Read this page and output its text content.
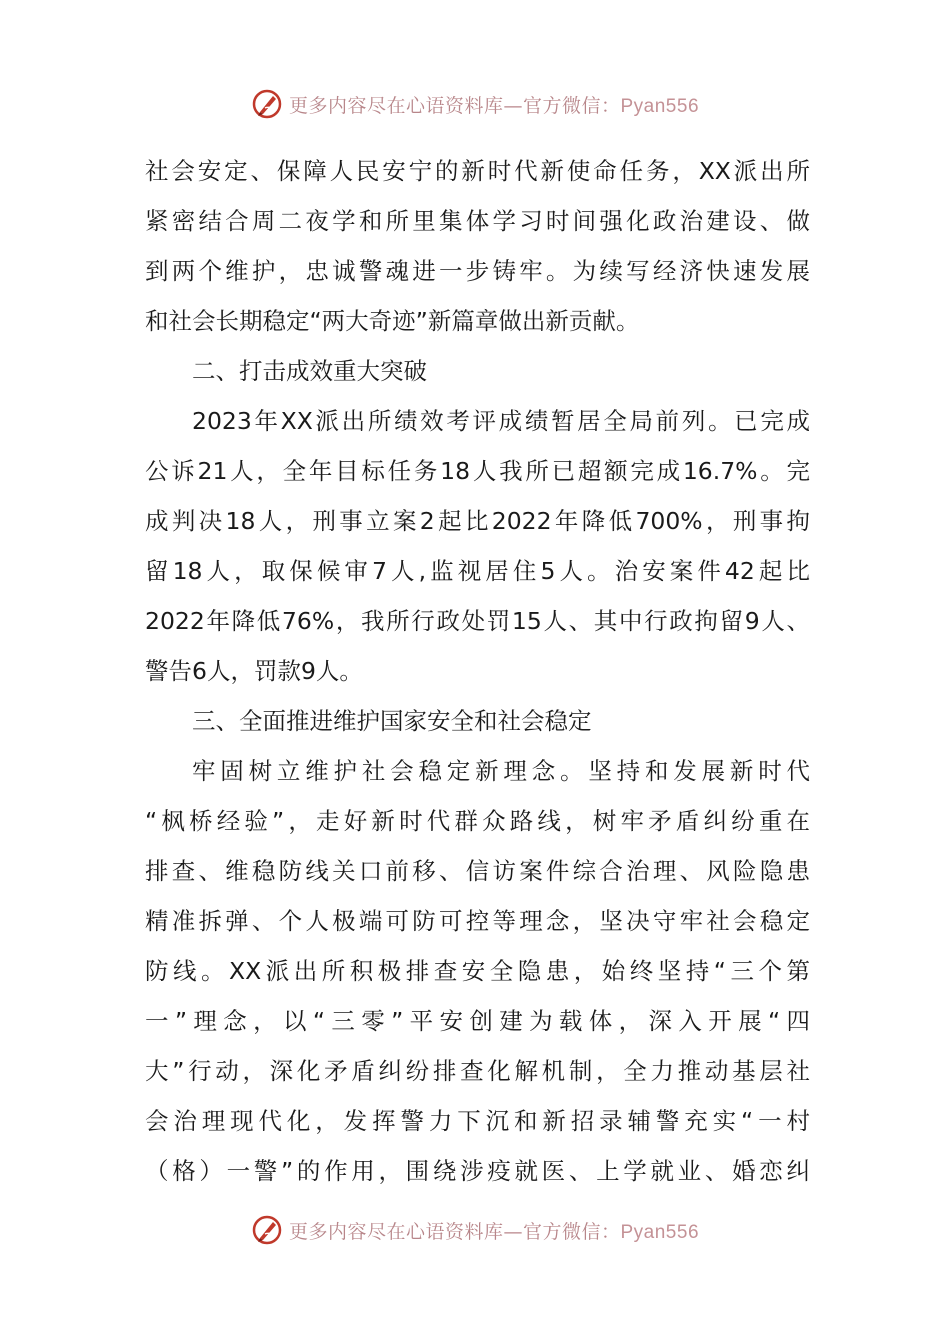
更多内容尽在心语资料库—官方微信：Pyan556
社会安定、保障人民安宁的新时代新使命任务，XX派出所
紧密结合周二夜学和所里集体学习时间强化政治建设、做
到两个维护，忠诚警魂进一步铸牢。为续写经济快速发展
和社会长期稳定“两大奇迹”新篇章做出新贡献。
二、打击成效重大突破
2023年XX派出所绩效考评成绩暂居全局前列。已完成
公诉21人，全年目标任务18人我所已超额完成16.7%。完
成判决18人，刑事立案2起比2022年降低700%，刑事拘
留18人，取保候审7人,监视居住5人。治安案件42起比
2022年降低76%，我所行政处罚15人、其中行政拘留9人、
警告6人，罚款9人。
三、全面推进维护国家安全和社会稳定
牢固树立维护社会稳定新理念。坚持和发展新时代
“枫桥经验”，走好新时代群众路线，树牢矛盾纠纷重在
排查、维稳防线关口前移、信访案件综合治理、风险隐患
精准拆弹、个人极端可防可控等理念，坚决守牢社会稳定
防线。XX派出所积极排查安全隐患，始终坚持“三个第
一”理念，以“三零”平安创建为载体，深入开展“四
大”行动，深化矛盾纠纷排查化解机制，全力推动基层社
会治理现代化，发挥警力下沉和新招录辅警充实“一村
（格）一警”的作用，围绕涉疫就医、上学就业、婚恋纠
更多内容尽在心语资料库—官方微信：Pyan556
